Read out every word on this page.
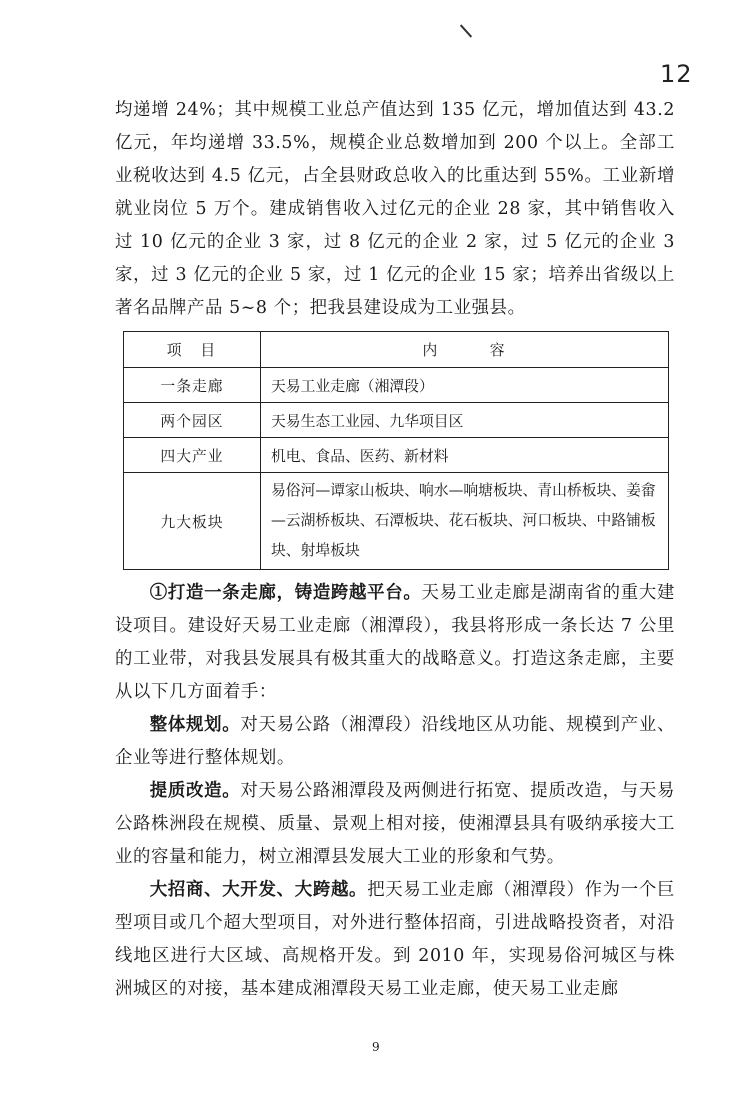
12

均递增 24%；其中规模工业总产值达到 135 亿元，增加值达到 43.2 亿元，年均递增 33.5%，规模企业总数增加到 200 个以上。全部工业税收达到 4.5 亿元，占全县财政总收入的比重达到 55%。工业新增就业岗位 5 万个。建成销售收入过亿元的企业 28 家，其中销售收入过 10 亿元的企业 3 家，过 8 亿元的企业 2 家，过 5 亿元的企业 3 家，过 3 亿元的企业 5 家，过 1 亿元的企业 15 家；培养出省级以上著名品牌产品 5~8 个；把我县建设成为工业强县。

项　目	内　　　容
一条走廊	天易工业走廊（湘潭段）
两个园区	天易生态工业园、九华项目区
四大产业	机电、食品、医药、新材料
九大板块	易俗河—谭家山板块、响水—响塘板块、青山桥板块、姜畲—云湖桥板块、石潭板块、花石板块、河口板块、中路铺板块、射埠板块

①打造一条走廊，铸造跨越平台。天易工业走廊是湖南省的重大建设项目。建设好天易工业走廊（湘潭段），我县将形成一条长达 7 公里的工业带，对我县发展具有极其重大的战略意义。打造这条走廊，主要从以下几方面着手：

整体规划。对天易公路（湘潭段）沿线地区从功能、规模到产业、企业等进行整体规划。

提质改造。对天易公路湘潭段及两侧进行拓宽、提质改造，与天易公路株洲段在规模、质量、景观上相对接，使湘潭县具有吸纳承接大工业的容量和能力，树立湘潭县发展大工业的形象和气势。

大招商、大开发、大跨越。把天易工业走廊（湘潭段）作为一个巨型项目或几个超大型项目，对外进行整体招商，引进战略投资者，对沿线地区进行大区域、高规格开发。到 2010 年，实现易俗河城区与株洲城区的对接，基本建成湘潭段天易工业走廊，使天易工业走廊

9
